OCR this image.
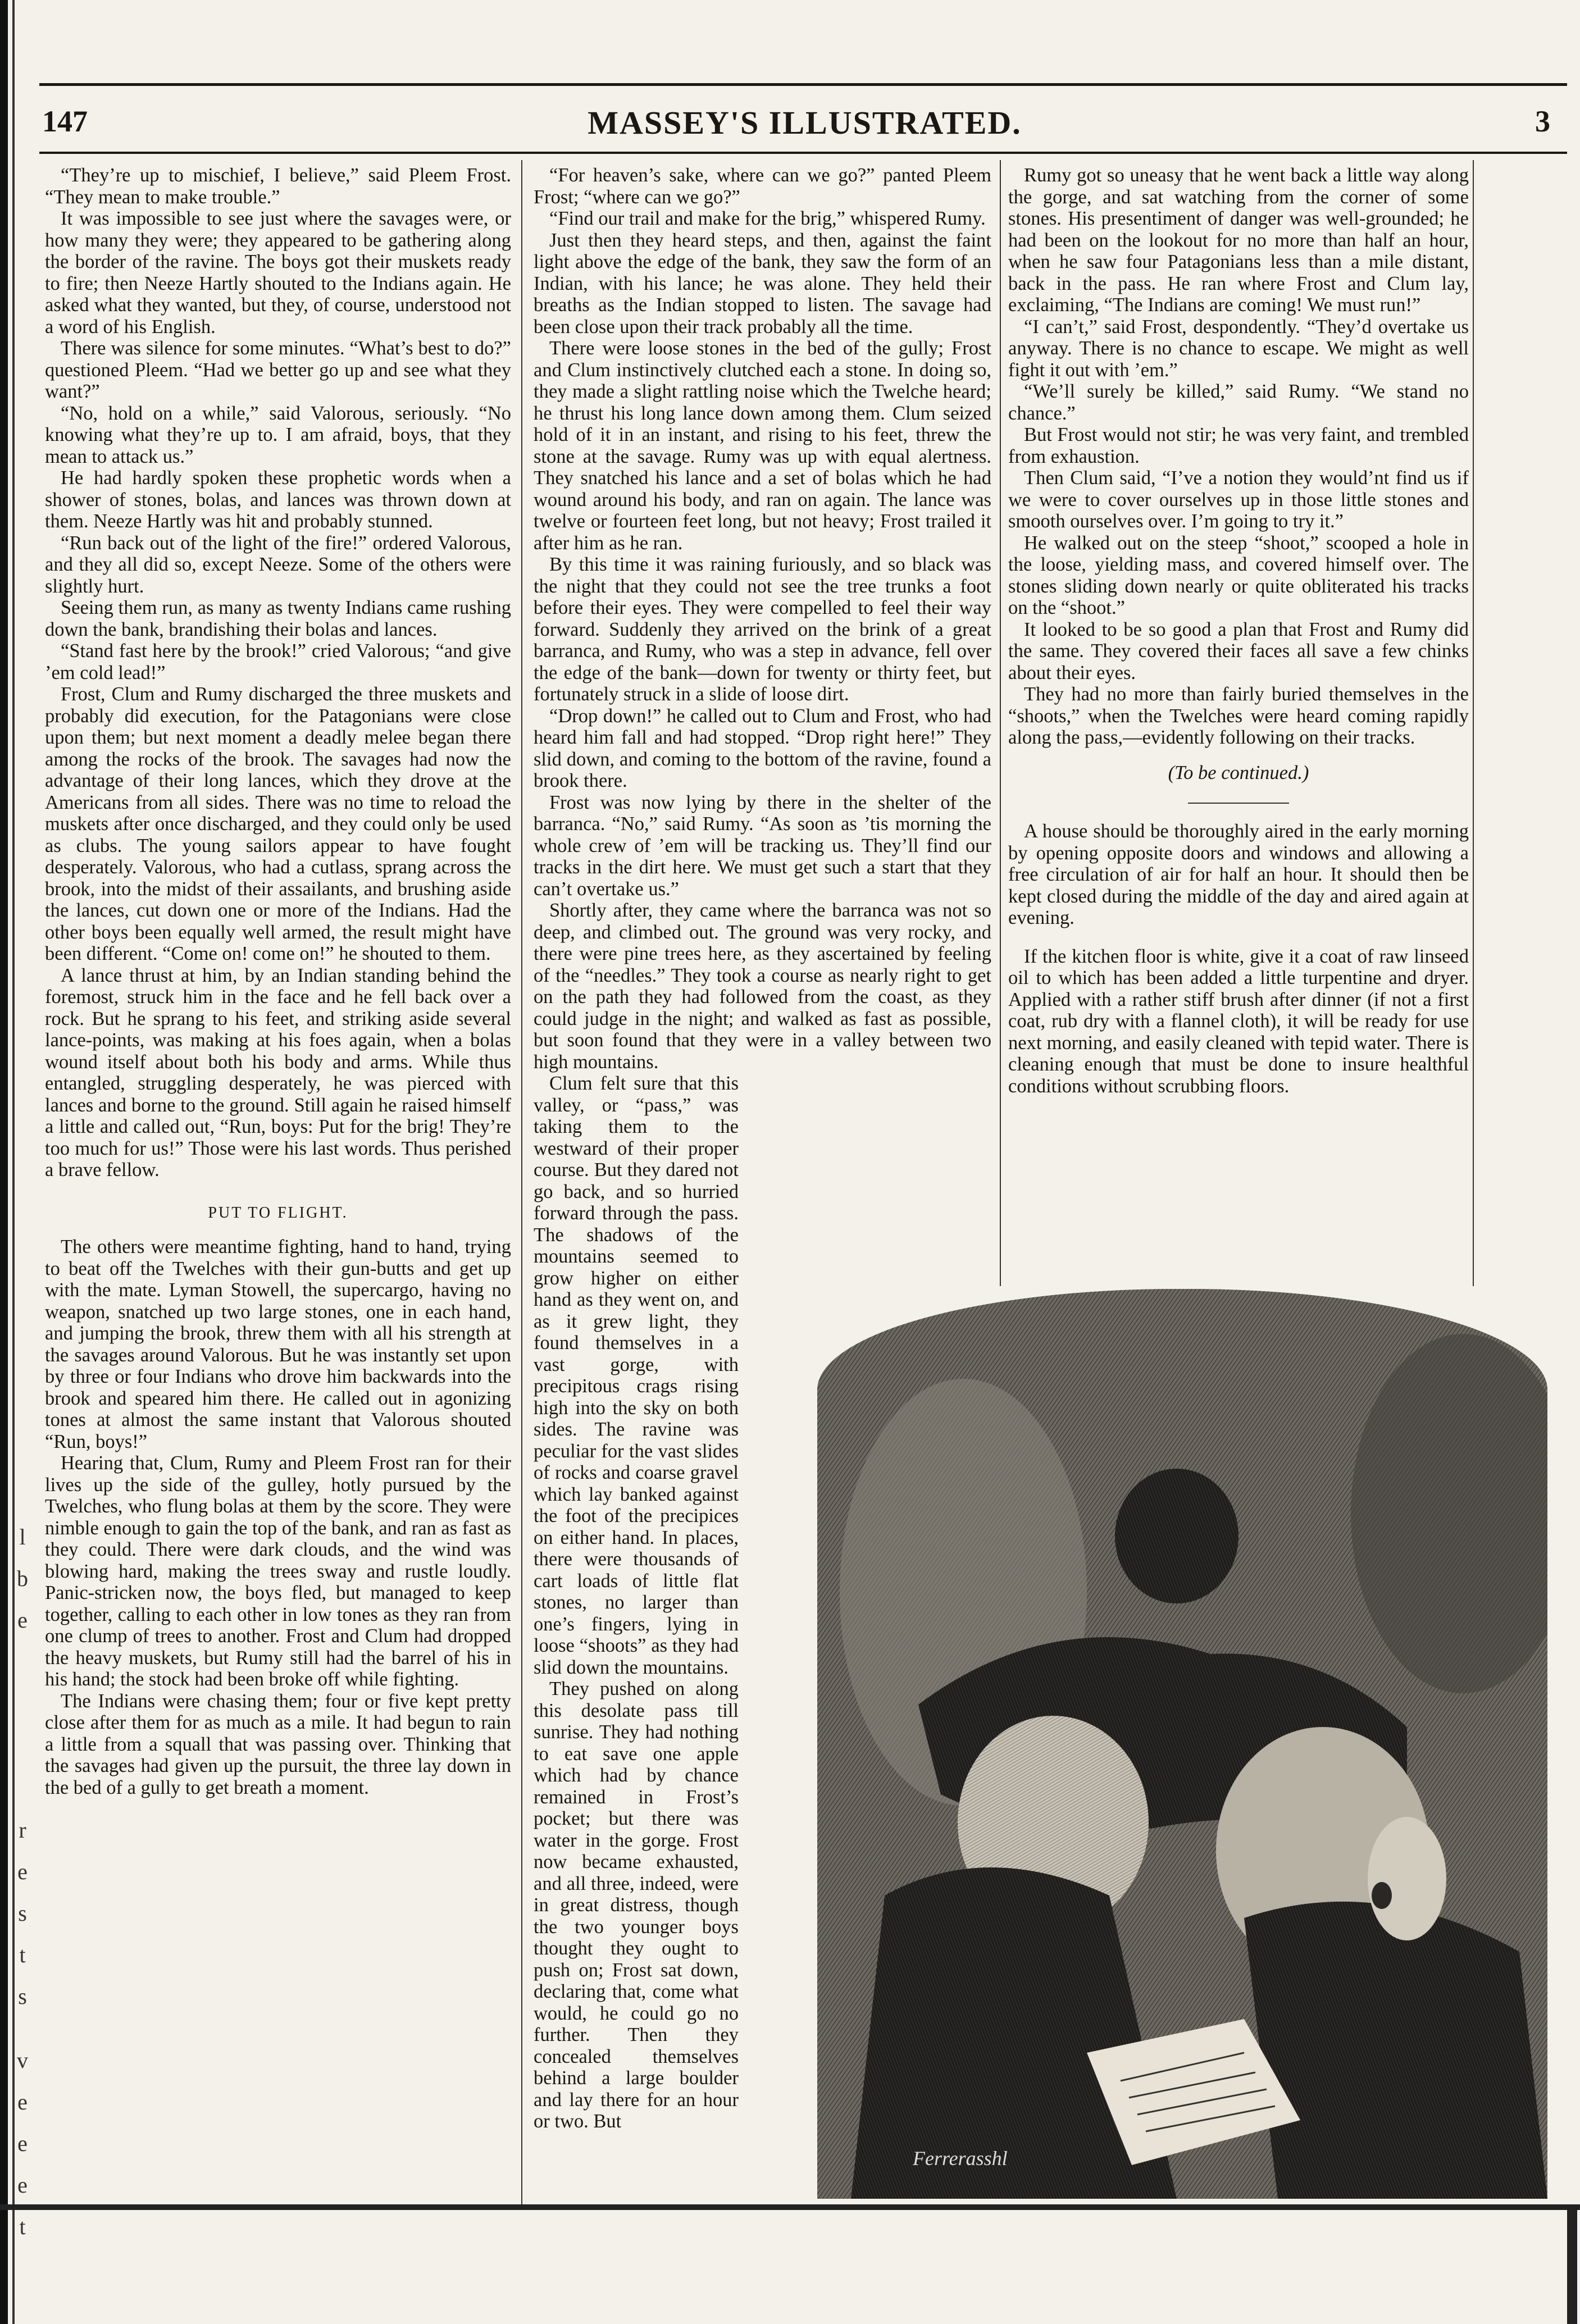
l
b
e
r
e
s
t
s
v
e
e
e
t
147	MASSEY'S ILLUSTRATED.	3

“They’re up to mischief, I believe,” said Pleem Frost. “They mean to make trouble.”

It was impossible to see just where the savages were, or how many they were; they appeared to be gathering along the border of the ravine. The boys got their muskets ready to fire; then Neeze Hartly shouted to the Indians again. He asked what they wanted, but they, of course, understood not a word of his English.

There was silence for some minutes. “What’s best to do?” questioned Pleem. “Had we better go up and see what they want?”

“No, hold on a while,” said Valorous, seriously. “No knowing what they’re up to. I am afraid, boys, that they mean to attack us.”

He had hardly spoken these prophetic words when a shower of stones, bolas, and lances was thrown down at them. Neeze Hartly was hit and probably stunned.

“Run back out of the light of the fire!” ordered Valorous, and they all did so, except Neeze. Some of the others were slightly hurt.

Seeing them run, as many as twenty Indians came rushing down the bank, brandishing their bolas and lances.

“Stand fast here by the brook!” cried Valorous; “and give ’em cold lead!”

Frost, Clum and Rumy discharged the three muskets and probably did execution, for the Patagonians were close upon them; but next moment a deadly melee began there among the rocks of the brook. The savages had now the advantage of their long lances, which they drove at the Americans from all sides. There was no time to reload the muskets after once discharged, and they could only be used as clubs. The young sailors appear to have fought desperately. Valorous, who had a cutlass, sprang across the brook, into the midst of their assailants, and brushing aside the lances, cut down one or more of the Indians. Had the other boys been equally well armed, the result might have been different. “Come on! come on!” he shouted to them.

A lance thrust at him, by an Indian standing behind the foremost, struck him in the face and he fell back over a rock. But he sprang to his feet, and striking aside several lance-points, was making at his foes again, when a bolas wound itself about both his body and arms. While thus entangled, struggling desperately, he was pierced with lances and borne to the ground. Still again he raised himself a little and called out, “Run, boys: Put for the brig! They’re too much for us!” Those were his last words. Thus perished a brave fellow.

PUT TO FLIGHT.

The others were meantime fighting, hand to hand, trying to beat off the Twelches with their gun-butts and get up with the mate. Lyman Stowell, the supercargo, having no weapon, snatched up two large stones, one in each hand, and jumping the brook, threw them with all his strength at the savages around Valorous. But he was instantly set upon by three or four Indians who drove him backwards into the brook and speared him there. He called out in agonizing tones at almost the same instant that Valorous shouted “Run, boys!”

Hearing that, Clum, Rumy and Pleem Frost ran for their lives up the side of the gulley, hotly pursued by the Twelches, who flung bolas at them by the score. They were nimble enough to gain the top of the bank, and ran as fast as they could. There were dark clouds, and the wind was blowing hard, making the trees sway and rustle loudly. Panic-stricken now, the boys fled, but managed to keep together, calling to each other in low tones as they ran from one clump of trees to another. Frost and Clum had dropped the heavy muskets, but Rumy still had the barrel of his in his hand; the stock had been broke off while fighting.

The Indians were chasing them; four or five kept pretty close after them for as much as a mile. It had begun to rain a little from a squall that was passing over. Thinking that the savages had given up the pursuit, the three lay down in the bed of a gully to get breath a moment.

“For heaven’s sake, where can we go?” panted Pleem Frost; “where can we go?”

“Find our trail and make for the brig,” whispered Rumy.

Just then they heard steps, and then, against the faint light above the edge of the bank, they saw the form of an Indian, with his lance; he was alone. They held their breaths as the Indian stopped to listen. The savage had been close upon their track probably all the time.

There were loose stones in the bed of the gully; Frost and Clum instinctively clutched each a stone. In doing so, they made a slight rattling noise which the Twelche heard; he thrust his long lance down among them. Clum seized hold of it in an instant, and rising to his feet, threw the stone at the savage. Rumy was up with equal alertness. They snatched his lance and a set of bolas which he had wound around his body, and ran on again. The lance was twelve or fourteen feet long, but not heavy; Frost trailed it after him as he ran.

By this time it was raining furiously, and so black was the night that they could not see the tree trunks a foot before their eyes. They were compelled to feel their way forward. Suddenly they arrived on the brink of a great barranca, and Rumy, who was a step in advance, fell over the edge of the bank—down for twenty or thirty feet, but fortunately struck in a slide of loose dirt.

“Drop down!” he called out to Clum and Frost, who had heard him fall and had stopped. “Drop right here!” They slid down, and coming to the bottom of the ravine, found a brook there.

Frost was now lying by there in the shelter of the barranca. “No,” said Rumy. “As soon as ’tis morning the whole crew of ’em will be tracking us. They’ll find our tracks in the dirt here. We must get such a start that they can’t overtake us.”

Shortly after, they came where the barranca was not so deep, and climbed out. The ground was very rocky, and there were pine trees here, as they ascertained by feeling of the “needles.” They took a course as nearly right to get on the path they had followed from the coast, as they could judge in the night; and walked as fast as possible, but soon found that they were in a valley between two high mountains.

Clum felt sure that this valley, or “pass,” was taking them to the westward of their proper course. But they dared not go back, and so hurried forward through the pass. The shadows of the mountains seemed to grow higher on either hand as they went on, and as it grew light, they found themselves in a vast gorge, with precipitous crags rising high into the sky on both sides. The ravine was peculiar for the vast slides of rocks and coarse gravel which lay banked against the foot of the precipices on either hand. In places, there were thousands of cart loads of little flat stones, no larger than one’s fingers, lying in loose “shoots” as they had slid down the mountains.

They pushed on along this desolate pass till sunrise. They had nothing to eat save one apple which had by chance remained in Frost’s pocket; but there was water in the gorge. Frost now became exhausted, and all three, indeed, were in great distress, though the two younger boys thought they ought to push on; Frost sat down, declaring that, come what would, he could go no further. Then they concealed themselves behind a large boulder and lay there for an hour or two. But

Rumy got so uneasy that he went back a little way along the gorge, and sat watching from the corner of some stones. His presentiment of danger was well-grounded; he had been on the lookout for no more than half an hour, when he saw four Patagonians less than a mile distant, back in the pass. He ran where Frost and Clum lay, exclaiming, “The Indians are coming! We must run!”

“I can’t,” said Frost, despondently. “They’d overtake us anyway. There is no chance to escape. We might as well fight it out with ’em.”

“We’ll surely be killed,” said Rumy. “We stand no chance.”

But Frost would not stir; he was very faint, and trembled from exhaustion.

Then Clum said, “I’ve a notion they would’nt find us if we were to cover ourselves up in those little stones and smooth ourselves over. I’m going to try it.”

He walked out on the steep “shoot,” scooped a hole in the loose, yielding mass, and covered himself over. The stones sliding down nearly or quite obliterated his tracks on the “shoot.”

It looked to be so good a plan that Frost and Rumy did the same. They covered their faces all save a few chinks about their eyes.

They had no more than fairly buried themselves in the “shoots,” when the Twelches were heard coming rapidly along the pass,—evidently following on their tracks.

(To be continued.)

A house should be thoroughly aired in the early morning by opening opposite doors and windows and allowing a free circulation of air for half an hour. It should then be kept closed during the middle of the day and aired again at evening.

If the kitchen floor is white, give it a coat of raw linseed oil to which has been added a little turpentine and dryer. Applied with a rather stiff brush after dinner (if not a first coat, rub dry with a flannel cloth), it will be ready for use next morning, and easily cleaned with tepid water. There is cleaning enough that must be done to insure healthful conditions without scrubbing floors.

Ferrerasshl
